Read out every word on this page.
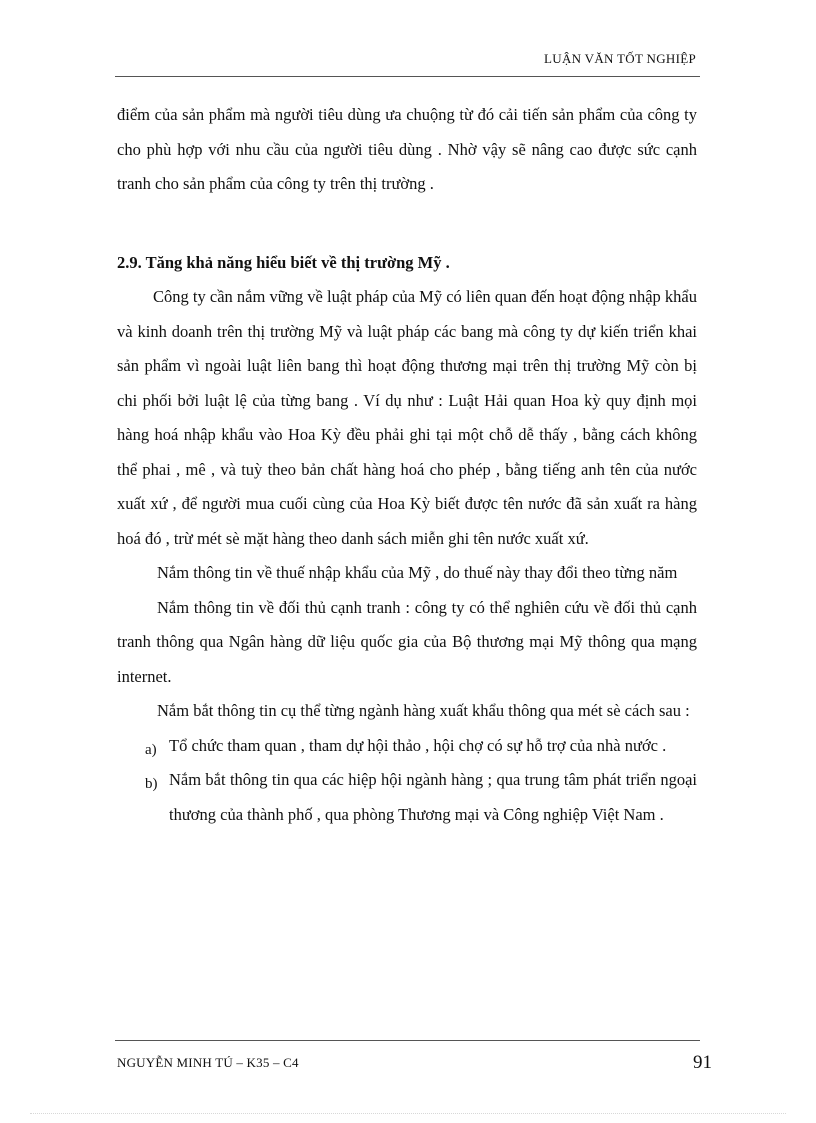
LUẬN VĂN TỐT NGHIỆP

điểm của sản phẩm mà người tiêu dùng ưa chuộng từ đó cải tiến sản phẩm của công ty cho phù hợp với nhu cầu của người tiêu dùng . Nhờ vậy sẽ nâng cao được sức cạnh tranh cho sản phẩm của công ty trên thị trường .

2.9. Tăng khả năng hiểu biết về thị trường Mỹ .

Công ty cần nắm vững về luật pháp của Mỹ có liên quan đến hoạt động nhập khẩu và kinh doanh trên thị trường Mỹ và luật pháp các bang mà công ty dự kiến triển khai sản phẩm vì ngoài luật liên bang thì hoạt động thương mại trên thị trường Mỹ còn bị chi phối bởi luật lệ của từng bang . Ví dụ như : Luật Hải quan Hoa kỳ quy định mọi hàng hoá nhập khẩu vào Hoa Kỳ đều phải ghi tại một chỗ dễ thấy , bằng cách không thể phai , mê , và tuỳ theo bản chất hàng hoá cho phép , bằng tiếng anh tên của nước xuất xứ , để người mua cuối cùng của Hoa Kỳ biết được tên nước đã sản xuất ra hàng hoá đó , trừ mét sè mặt hàng theo danh sách miễn ghi tên nước xuất xứ.

Nắm thông tin về thuế nhập khẩu của Mỹ , do thuế này thay đổi theo từng năm

Nắm thông tin về đối thủ cạnh tranh : công ty có thể nghiên cứu về đối thủ cạnh tranh thông qua Ngân hàng dữ liệu quốc gia của Bộ thương mại Mỹ thông qua mạng internet.

Nắm bắt thông tin cụ thể từng ngành hàng xuất khẩu thông qua mét sè cách sau :

a) Tổ chức tham quan , tham dự hội thảo , hội chợ có sự hỗ trợ của nhà nước .
b) Nắm bắt thông tin qua các hiệp hội ngành hàng ; qua trung tâm phát triển ngoại thương của thành phố , qua phòng Thương mại và Công nghiệp Việt Nam .
NGUYỄN MINH TÚ – K35 – C4	91
